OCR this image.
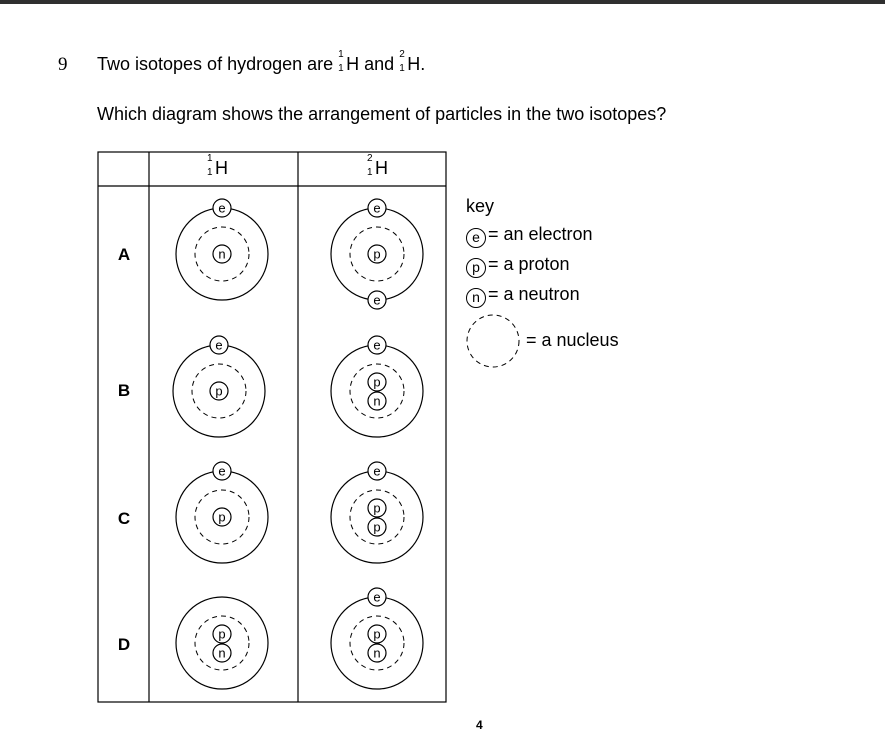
9 Two isotopes of hydrogen are 1
1 H and 2
1 H.
Which diagram shows the arrangement of particles in the two isotopes?
1
1 H	2
1 H
A
B
C
D
e
n
e
e
p
e
p
e
p
n
e
p
e
p
p
p
n
e
p
n
key
e = an electron
p = a proton
n = a neutron
= a nucleus
4
